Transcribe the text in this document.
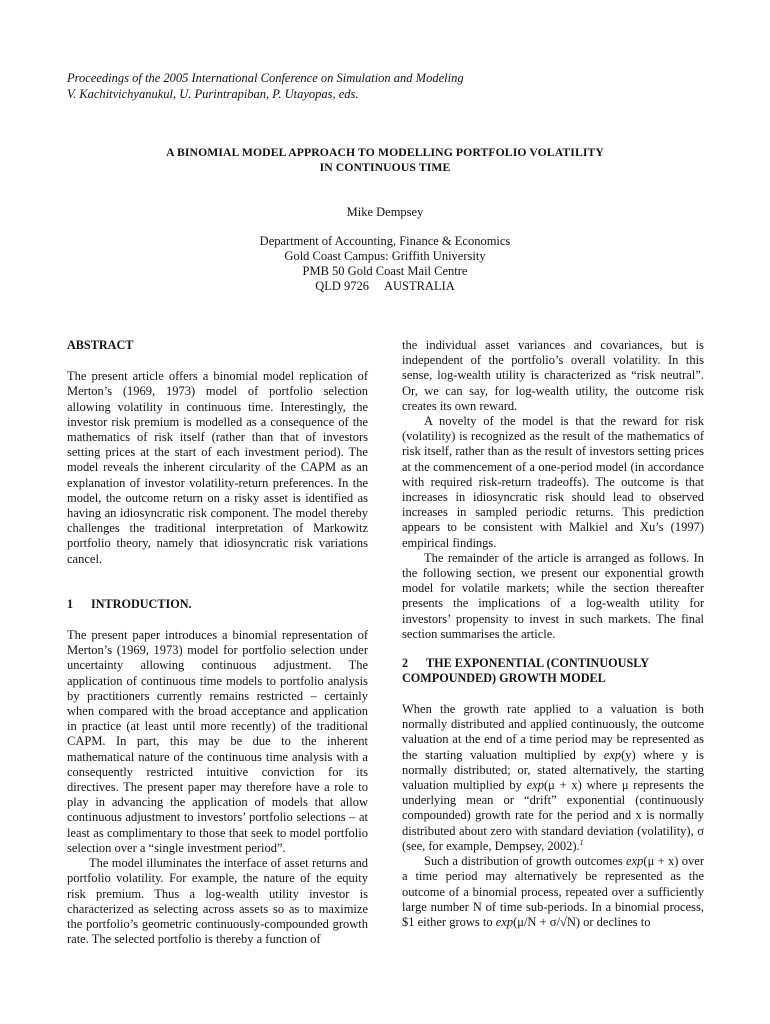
Proceedings of the 2005 International Conference on Simulation and Modeling
V. Kachitvichyanukul, U. Purintrapiban, P. Utayopas, eds.
A BINOMIAL MODEL APPROACH TO MODELLING PORTFOLIO VOLATILITY
IN CONTINUOUS TIME
Mike Dempsey
Department of Accounting, Finance & Economics
Gold Coast Campus: Griffith University
PMB 50 Gold Coast Mail Centre
QLD 9726     AUSTRALIA
ABSTRACT

The present article offers a binomial model replication of Merton’s (1969, 1973) model of portfolio selection allowing volatility in continuous time. Interestingly, the investor risk premium is modelled as a consequence of the mathematics of risk itself (rather than that of investors setting prices at the start of each investment period). The model reveals the inherent circularity of the CAPM as an explanation of investor volatility-return preferences. In the model, the outcome return on a risky asset is identified as having an idiosyncratic risk component. The model thereby challenges the traditional interpretation of Markowitz portfolio theory, namely that idiosyncratic risk variations cancel.

1 INTRODUCTION.

The present paper introduces a binomial representation of Merton’s (1969, 1973) model for portfolio selection under uncertainty allowing continuous adjustment. The application of continuous time models to portfolio analysis by practitioners currently remains restricted – certainly when compared with the broad acceptance and application in practice (at least until more recently) of the traditional CAPM. In part, this may be due to the inherent mathematical nature of the continuous time analysis with a consequently restricted intuitive conviction for its directives. The present paper may therefore have a role to play in advancing the application of models that allow continuous adjustment to investors’ portfolio selections – at least as complimentary to those that seek to model portfolio selection over a “single investment period”.

The model illuminates the interface of asset returns and portfolio volatility. For example, the nature of the equity risk premium. Thus a log-wealth utility investor is characterized as selecting across assets so as to maximize the portfolio’s geometric continuously-compounded growth rate. The selected portfolio is thereby a function of

the individual asset variances and covariances, but is independent of the portfolio’s overall volatility. In this sense, log-wealth utility is characterized as “risk neutral”. Or, we can say, for log-wealth utility, the outcome risk creates its own reward.

A novelty of the model is that the reward for risk (volatility) is recognized as the result of the mathematics of risk itself, rather than as the result of investors setting prices at the commencement of a one-period model (in accordance with required risk-return tradeoffs). The outcome is that increases in idiosyncratic risk should lead to observed increases in sampled periodic returns. This prediction appears to be consistent with Malkiel and Xu’s (1997) empirical findings.

The remainder of the article is arranged as follows. In the following section, we present our exponential growth model for volatile markets; while the section thereafter presents the implications of a log-wealth utility for investors’ propensity to invest in such markets. The final section summarises the article.

2 THE EXPONENTIAL (CONTINUOUSLY
COMPOUNDED) GROWTH MODEL

When the growth rate applied to a valuation is both normally distributed and applied continuously, the outcome valuation at the end of a time period may be represented as the starting valuation multiplied by exp(y) where y is normally distributed; or, stated alternatively, the starting valuation multiplied by exp(μ + x) where μ represents the underlying mean or “drift” exponential (continuously compounded) growth rate for the period and x is normally distributed about zero with standard deviation (volatility), σ (see, for example, Dempsey, 2002).$^1$

Such a distribution of growth outcomes exp(μ + x) over a time period may alternatively be represented as the outcome of a binomial process, repeated over a sufficiently large number N of time sub-periods. In a binomial process, $1 either grows to exp(μ/N + σ/√N) or declines to
